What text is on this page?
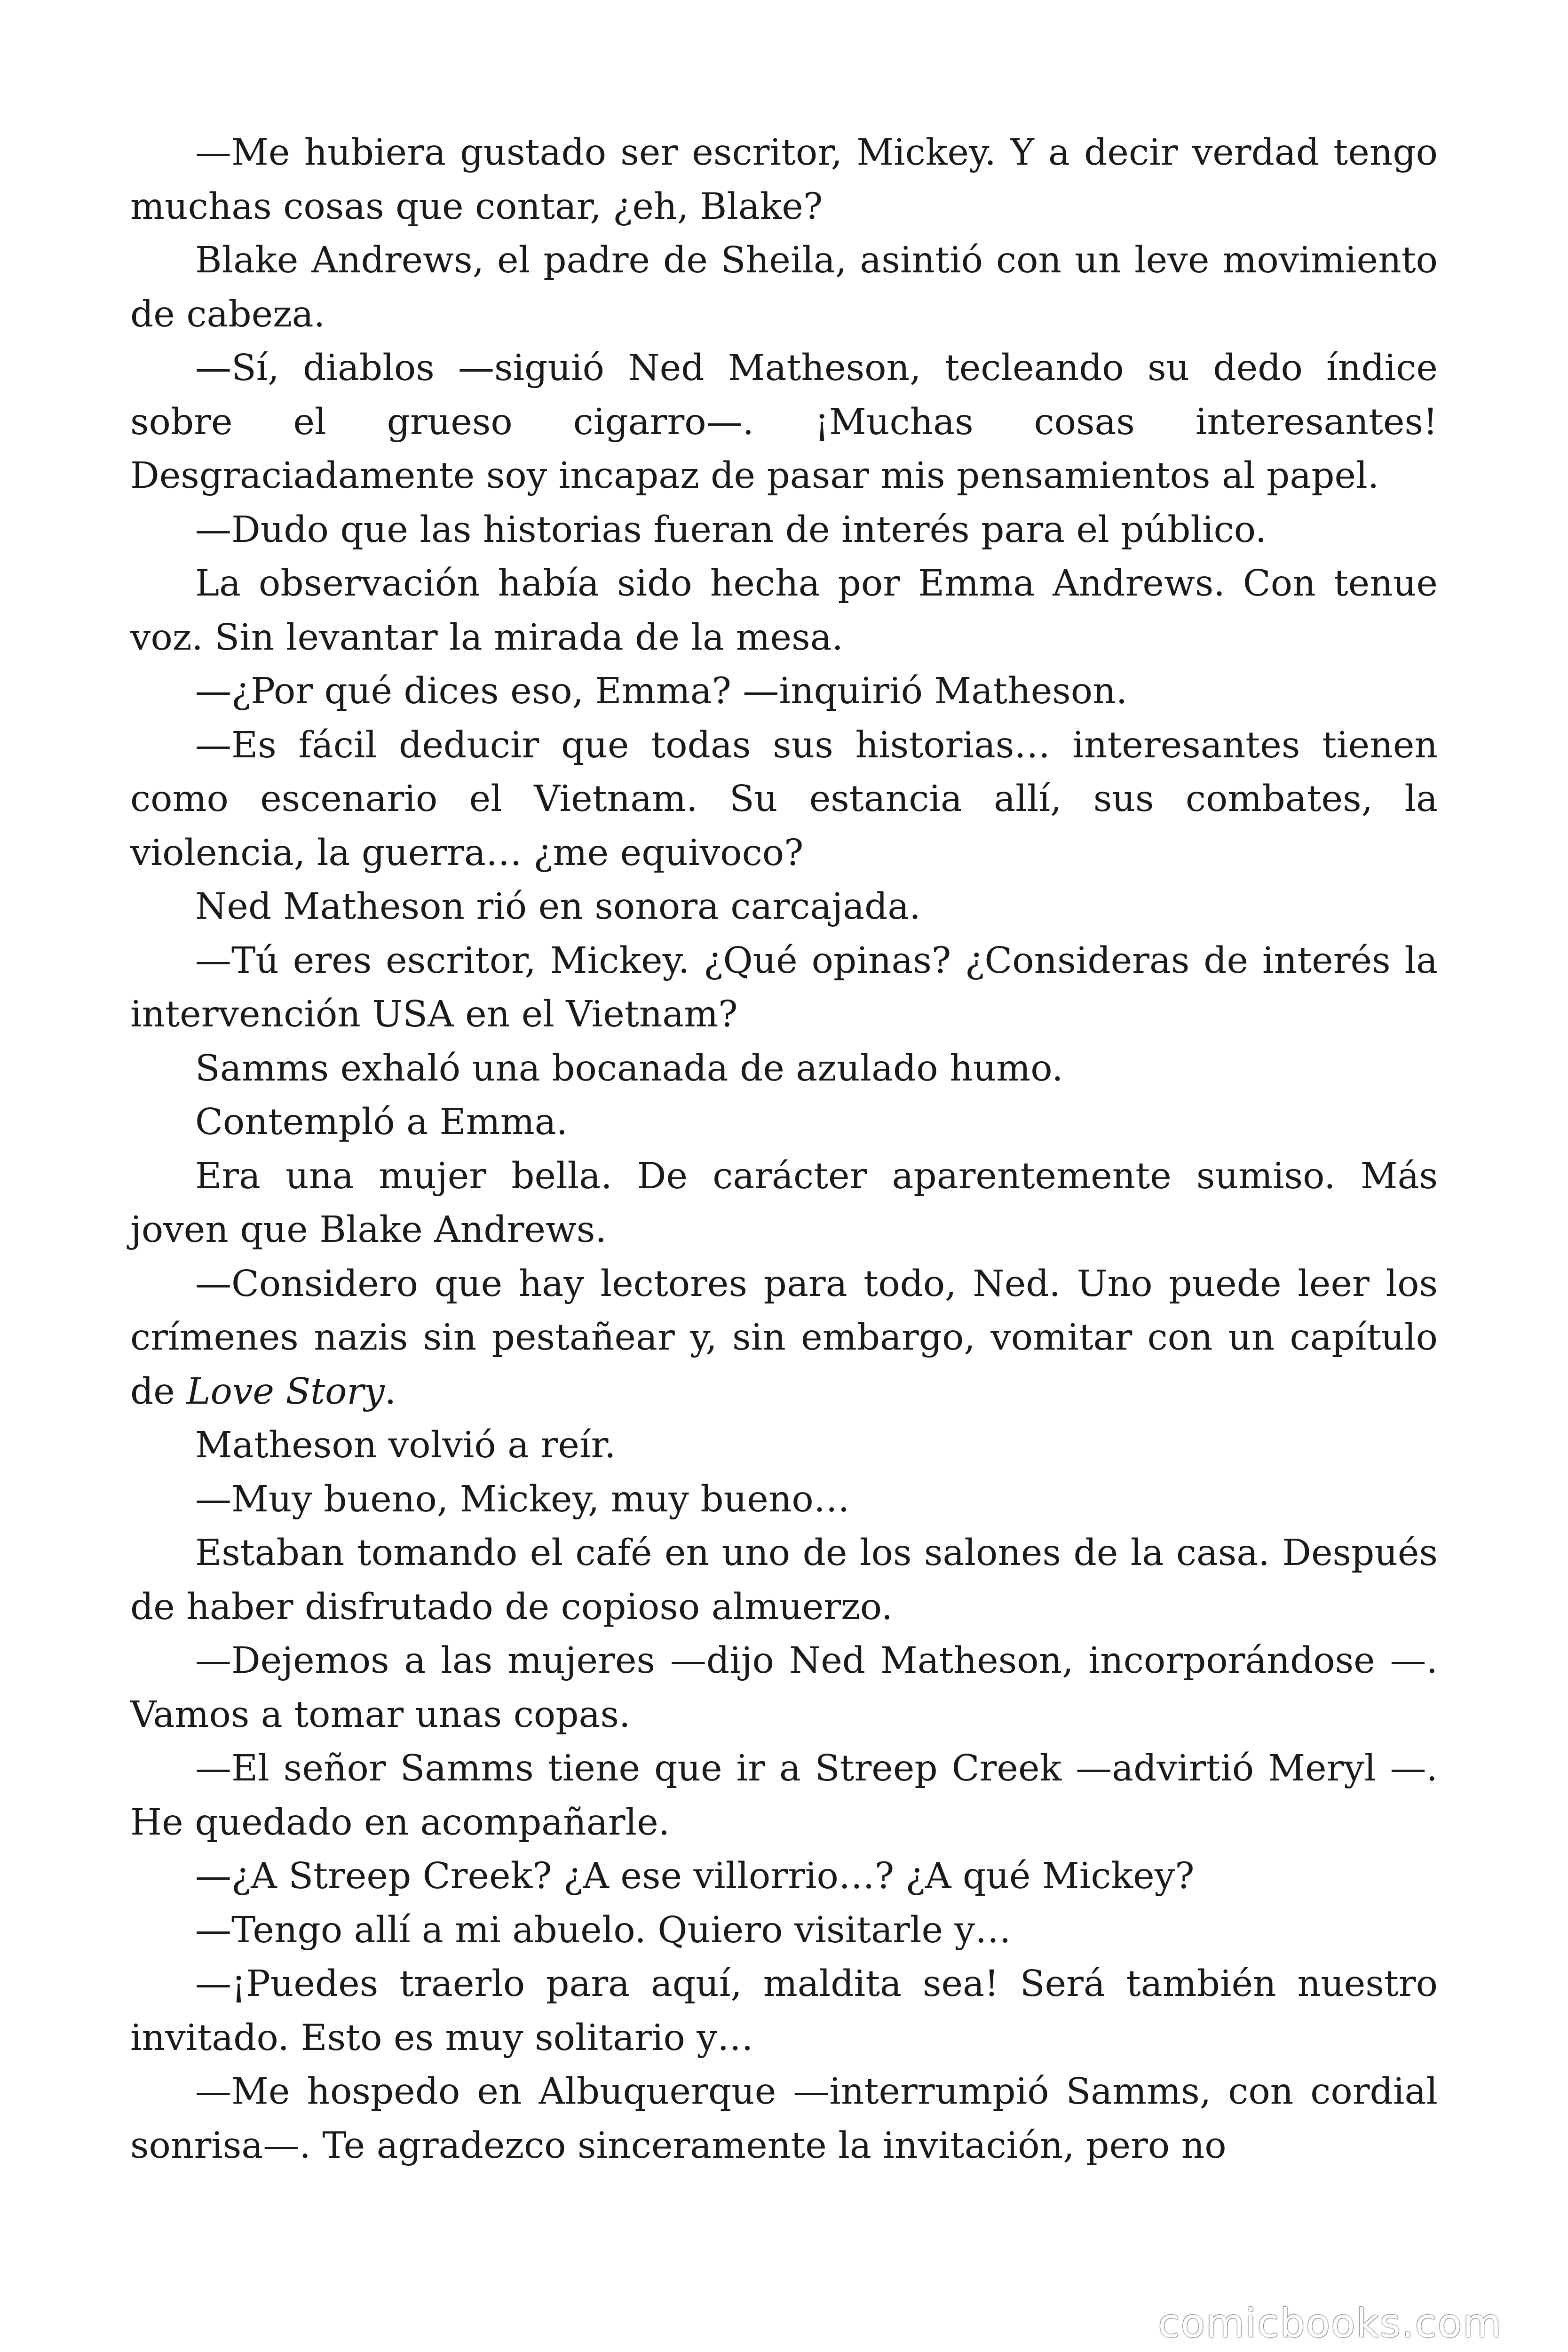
—Me hubiera gustado ser escritor, Mickey. Y a decir verdad tengo muchas cosas que contar, ¿eh, Blake?

Blake Andrews, el padre de Sheila, asintió con un leve movimiento de cabeza.

—Sí, diablos —siguió Ned Matheson, tecleando su dedo índice sobre el grueso cigarro—. ¡Muchas cosas interesantes! Desgraciadamente soy incapaz de pasar mis pensamientos al papel.

—Dudo que las historias fueran de interés para el público.

La observación había sido hecha por Emma Andrews. Con tenue voz. Sin levantar la mirada de la mesa.

—¿Por qué dices eso, Emma? —inquirió Matheson.

—Es fácil deducir que todas sus historias… interesantes tienen como escenario el Vietnam. Su estancia allí, sus combates, la violencia, la guerra… ¿me equivoco?

Ned Matheson rió en sonora carcajada.

—Tú eres escritor, Mickey. ¿Qué opinas? ¿Consideras de interés la intervención USA en el Vietnam?

Samms exhaló una bocanada de azulado humo.

Contempló a Emma.

Era una mujer bella. De carácter aparentemente sumiso. Más joven que Blake Andrews.

—Considero que hay lectores para todo, Ned. Uno puede leer los crímenes nazis sin pestañear y, sin embargo, vomitar con un capítulo de Love Story.

Matheson volvió a reír.

—Muy bueno, Mickey, muy bueno…

Estaban tomando el café en uno de los salones de la casa. Después de haber disfrutado de copioso almuerzo.

—Dejemos a las mujeres —dijo Ned Matheson, incorporándose —. Vamos a tomar unas copas.

—El señor Samms tiene que ir a Streep Creek —advirtió Meryl —. He quedado en acompañarle.

—¿A Streep Creek? ¿A ese villorrio…? ¿A qué Mickey?

—Tengo allí a mi abuelo. Quiero visitarle y…

—¡Puedes traerlo para aquí, maldita sea! Será también nuestro invitado. Esto es muy solitario y…

—Me hospedo en Albuquerque —interrumpió Samms, con cordial sonrisa—. Te agradezco sinceramente la invitación, pero no

comicbooks.com
